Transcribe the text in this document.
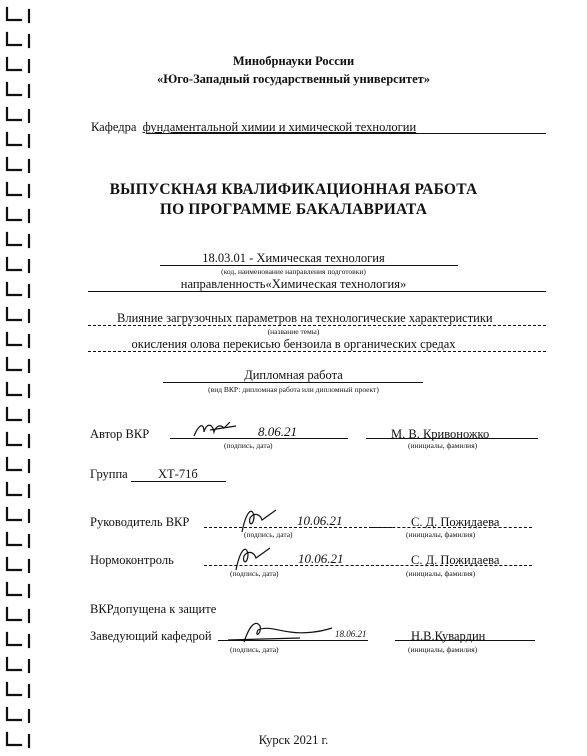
Минобрнауки России
«Юго-Западный государственный университет»
Кафедра фундаментальной химии и химической технологии
ВЫПУСКНАЯ КВАЛИФИКАЦИОННАЯ РАБОТА
ПО ПРОГРАММЕ БАКАЛАВРИАТА
18.03.01 - Химическая технология
(код, наименование направления подготовки)
направленность«Химическая технология»
Влияние загрузочных параметров на технологические характеристики
(название темы)
окисления олова перекисью бензоила в органических средах
Дипломная работа
(вид ВКР: дипломная работа или дипломный проект)
Автор ВКР	8.06.21
(подпись, дата)
М. В. Кривоножко
(инициалы, фамилия)
Группа ХТ-71б
Руководитель ВКР	10.06.21
(подпись, дата)
С. Д. Пожидаева
(инициалы, фамилия)
Нормоконтроль	10.06.21
(подпись, дата)
С. Д. Пожидаева
(инициалы, фамилия)
ВКРдопущена к защите
Заведующий кафедрой	18.06.21
(подпись, дата)
Н.В.Кувардин
(инициалы, фамилия)
Курск 2021 г.
